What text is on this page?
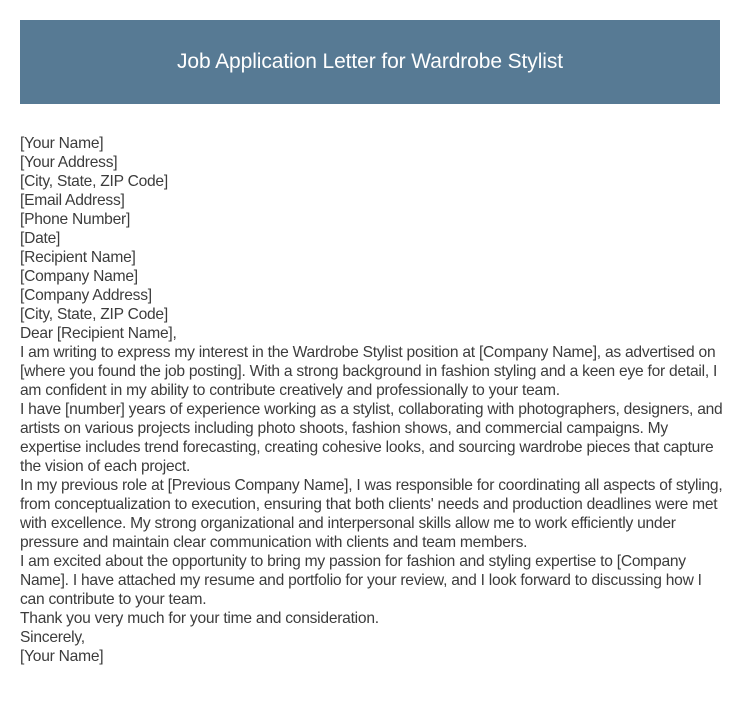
Job Application Letter for Wardrobe Stylist
[Your Name]
[Your Address]
[City, State, ZIP Code]
[Email Address]
[Phone Number]
[Date]
[Recipient Name]
[Company Name]
[Company Address]
[City, State, ZIP Code]
Dear [Recipient Name],
I am writing to express my interest in the Wardrobe Stylist position at [Company Name], as advertised on [where you found the job posting]. With a strong background in fashion styling and a keen eye for detail, I am confident in my ability to contribute creatively and professionally to your team.
I have [number] years of experience working as a stylist, collaborating with photographers, designers, and artists on various projects including photo shoots, fashion shows, and commercial campaigns. My expertise includes trend forecasting, creating cohesive looks, and sourcing wardrobe pieces that capture the vision of each project.
In my previous role at [Previous Company Name], I was responsible for coordinating all aspects of styling, from conceptualization to execution, ensuring that both clients' needs and production deadlines were met with excellence. My strong organizational and interpersonal skills allow me to work efficiently under pressure and maintain clear communication with clients and team members.
I am excited about the opportunity to bring my passion for fashion and styling expertise to [Company Name]. I have attached my resume and portfolio for your review, and I look forward to discussing how I can contribute to your team.
Thank you very much for your time and consideration.
Sincerely,
[Your Name]
